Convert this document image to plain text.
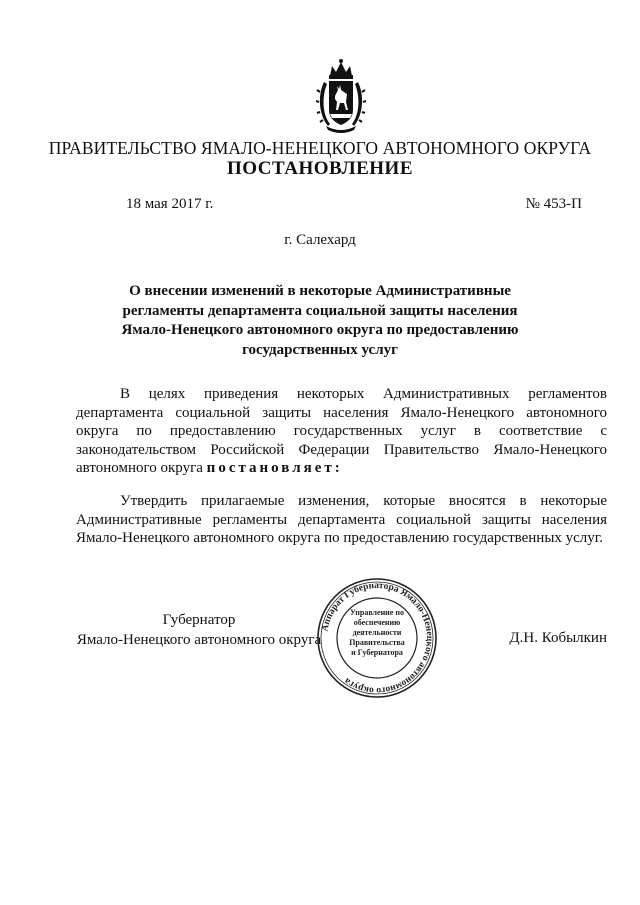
ПРАВИТЕЛЬСТВО ЯМАЛО-НЕНЕЦКОГО АВТОНОМНОГО ОКРУГА
ПОСТАНОВЛЕНИЕ
18 мая 2017 г.	№ 453-П
г. Салехард
О внесении изменений в некоторые Административные регламенты департамента социальной защиты населения Ямало-Ненецкого автономного округа по предоставлению государственных услуг
В целях приведения некоторых Административных регламентов департамента социальной защиты населения Ямало-Ненецкого автономного округа по предоставлению государственных услуг в соответствие с законодательством Российской Федерации Правительство Ямало-Ненецкого автономного округа постановляет:
Утвердить прилагаемые изменения, которые вносятся в некоторые Административные регламенты департамента социальной защиты населения Ямало-Ненецкого автономного округа по предоставлению государственных услуг.
Губернатор
Ямало-Ненецкого автономного округа
Аппарат Губернатора Ямало-Ненецкого автономного округа
Управление по
обеспечению
деятельности
Правительства
и Губернатора
Д.Н. Кобылкин
